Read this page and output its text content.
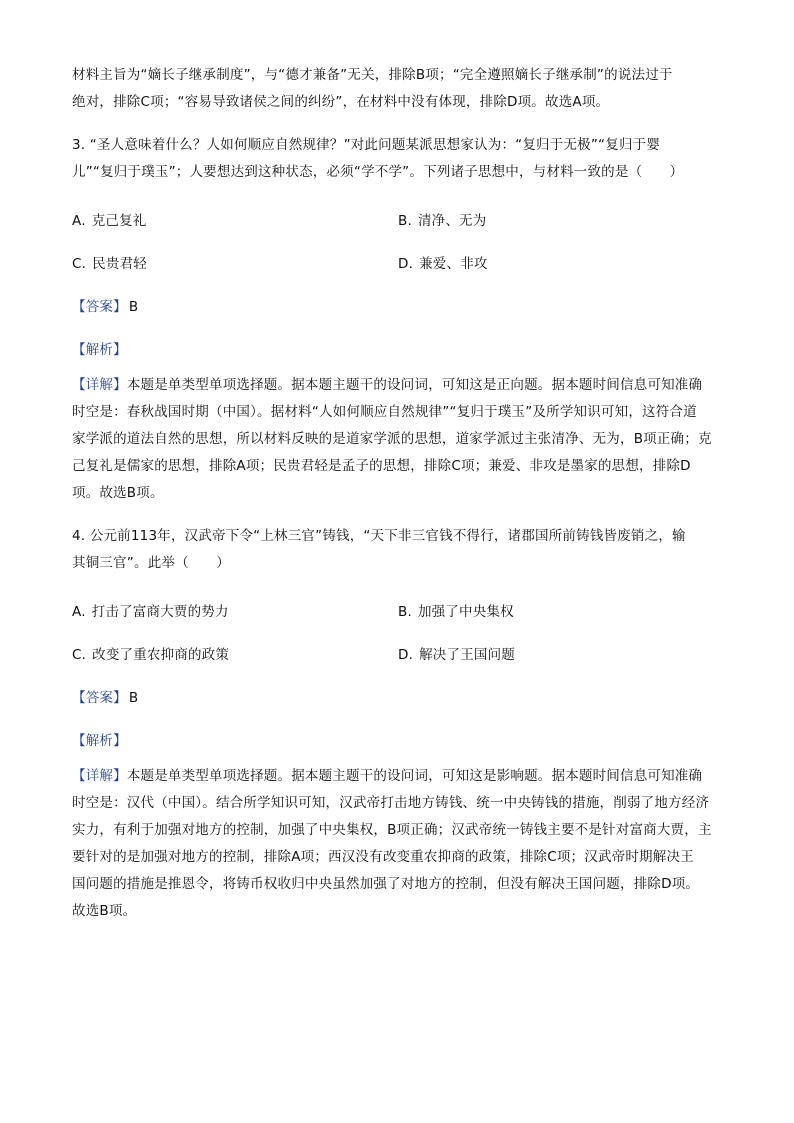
材料主旨为“嫡长子继承制度”，与“德才兼备”无关，排除B项；“完全遵照嫡长子继承制”的说法过于

绝对，排除C项；“容易导致诸侯之间的纠纷”，在材料中没有体现，排除D项。故选A项。

3. “圣人意味着什么？人如何顺应自然规律？”对此问题某派思想家认为：“复归于无极”“复归于婴

儿”“复归于璞玉”；人要想达到这种状态，必须“学不学”。下列诸子思想中，与材料一致的是（　　）

A. 克己复礼	B. 清净、无为
C. 民贵君轻	D. 兼爱、非攻

【答案】 B

【解析】

【详解】本题是单类型单项选择题。据本题主题干的设问词，可知这是正向题。据本题时间信息可知准确

时空是：春秋战国时期（中国）。据材料“人如何顺应自然规律”“复归于璞玉”及所学知识可知，这符合道

家学派的道法自然的思想，所以材料反映的是道家学派的思想，道家学派过主张清净、无为，B项正确；克

己复礼是儒家的思想，排除A项；民贵君轻是孟子的思想，排除C项；兼爱、非攻是墨家的思想，排除D

项。故选B项。

4. 公元前113年，汉武帝下令“上林三官”铸钱，“天下非三官钱不得行，诸郡国所前铸钱皆废销之，输

其铜三官”。此举（　　）

A. 打击了富商大贾的势力	B. 加强了中央集权
C. 改变了重农抑商的政策	D. 解决了王国问题

【答案】 B

【解析】

【详解】本题是单类型单项选择题。据本题主题干的设问词，可知这是影响题。据本题时间信息可知准确

时空是：汉代（中国）。结合所学知识可知，汉武帝打击地方铸钱、统一中央铸钱的措施，削弱了地方经济

实力，有利于加强对地方的控制，加强了中央集权，B项正确；汉武帝统一铸钱主要不是针对富商大贾，主

要针对的是加强对地方的控制，排除A项；西汉没有改变重农抑商的政策，排除C项；汉武帝时期解决王

国问题的措施是推恩令，将铸币权收归中央虽然加强了对地方的控制，但没有解决王国问题，排除D项。

故选B项。
